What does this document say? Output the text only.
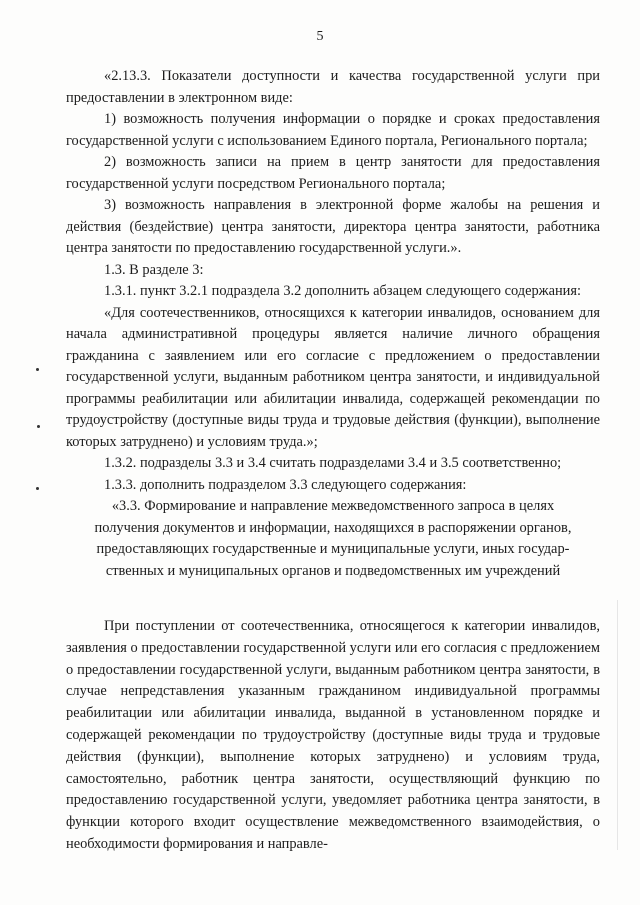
5

«2.13.3. Показатели доступности и качества государственной услуги при предоставлении в электронном виде:

1) возможность получения информации о порядке и сроках предоставления государственной услуги с использованием Единого портала, Регионального портала;

2) возможность записи на прием в центр занятости для предоставления государственной услуги посредством Регионального портала;

3) возможность направления в электронной форме жалобы на решения и действия (бездействие) центра занятости, директора центра занятости, работника центра занятости по предоставлению государственной услуги.».

1.3. В разделе 3:

1.3.1. пункт 3.2.1 подраздела 3.2 дополнить абзацем следующего содержания:

«Для соотечественников, относящихся к категории инвалидов, основанием для начала административной процедуры является наличие личного обращения гражданина с заявлением или его согласие с предложением о предоставлении государственной услуги, выданным работником центра занятости, и индивидуальной программы реабилитации или абилитации инвалида, содержащей рекомендации по трудоустройству (доступные виды труда и трудовые действия (функции), выполнение которых затруднено) и условиям труда.»;

1.3.2. подразделы 3.3 и 3.4 считать подразделами 3.4 и 3.5 соответственно;

1.3.3. дополнить подразделом 3.3 следующего содержания:

«3.3. Формирование и направление межведомственного запроса в целях
получения документов и информации, находящихся в распоряжении органов,
предоставляющих государственные и муниципальные услуги, иных государ-
ственных и муниципальных органов и подведомственных им учреждений

При поступлении от соотечественника, относящегося к категории инвалидов, заявления о предоставлении государственной услуги или его согласия с предложением о предоставлении государственной услуги, выданным работником центра занятости, в случае непредставления указанным гражданином индивидуальной программы реабилитации или абилитации инвалида, выданной в установленном порядке и содержащей рекомендации по трудоустройству (доступные виды труда и трудовые действия (функции), выполнение которых затруднено) и условиям труда, самостоятельно, работник центра занятости, осуществляющий функцию по предоставлению государственной услуги, уведомляет работника центра занятости, в функции которого входит осуществление межведомственного взаимодействия, о необходимости формирования и направле-
